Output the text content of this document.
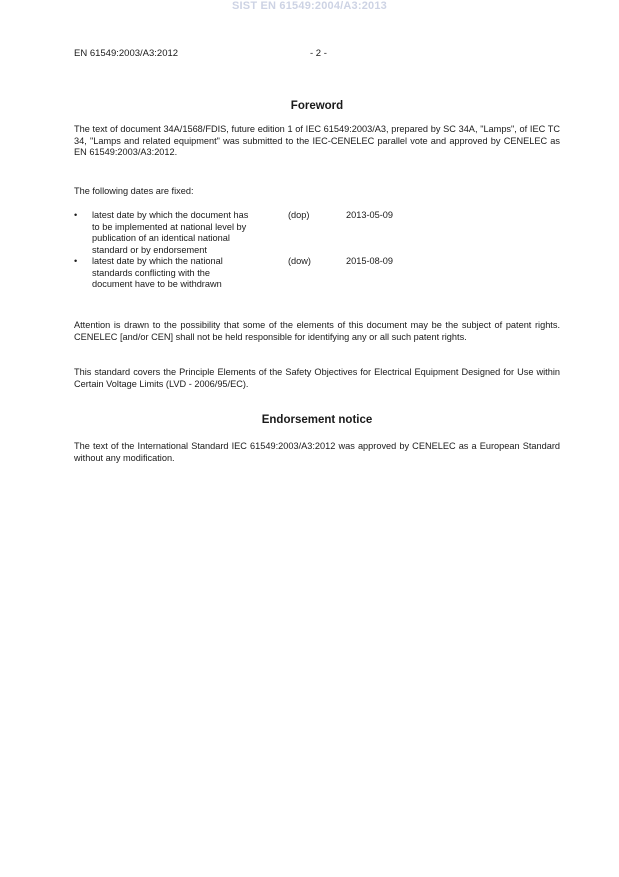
SIST EN 61549:2004/A3:2013
EN 61549:2003/A3:2012	- 2 -
Foreword

The text of document 34A/1568/FDIS, future edition 1 of IEC 61549:2003/A3, prepared by SC 34A, "Lamps", of IEC TC 34, "Lamps and related equipment" was submitted to the IEC-CENELEC parallel vote and approved by CENELEC as EN 61549:2003/A3:2012.

The following dates are fixed:

• latest date by which the document has
to be implemented at national level by
publication of an identical national
standard or by endorsement
(dop)	2013-05-09
• latest date by which the national
standards conflicting with the
document have to be withdrawn
(dow)	2015-08-09

Attention is drawn to the possibility that some of the elements of this document may be the subject of patent rights. CENELEC [and/or CEN] shall not be held responsible for identifying any or all such patent rights.

This standard covers the Principle Elements of the Safety Objectives for Electrical Equipment Designed for Use within Certain Voltage Limits (LVD - 2006/95/EC).

Endorsement notice

The text of the International Standard IEC 61549:2003/A3:2012 was approved by CENELEC as a European Standard without any modification.
